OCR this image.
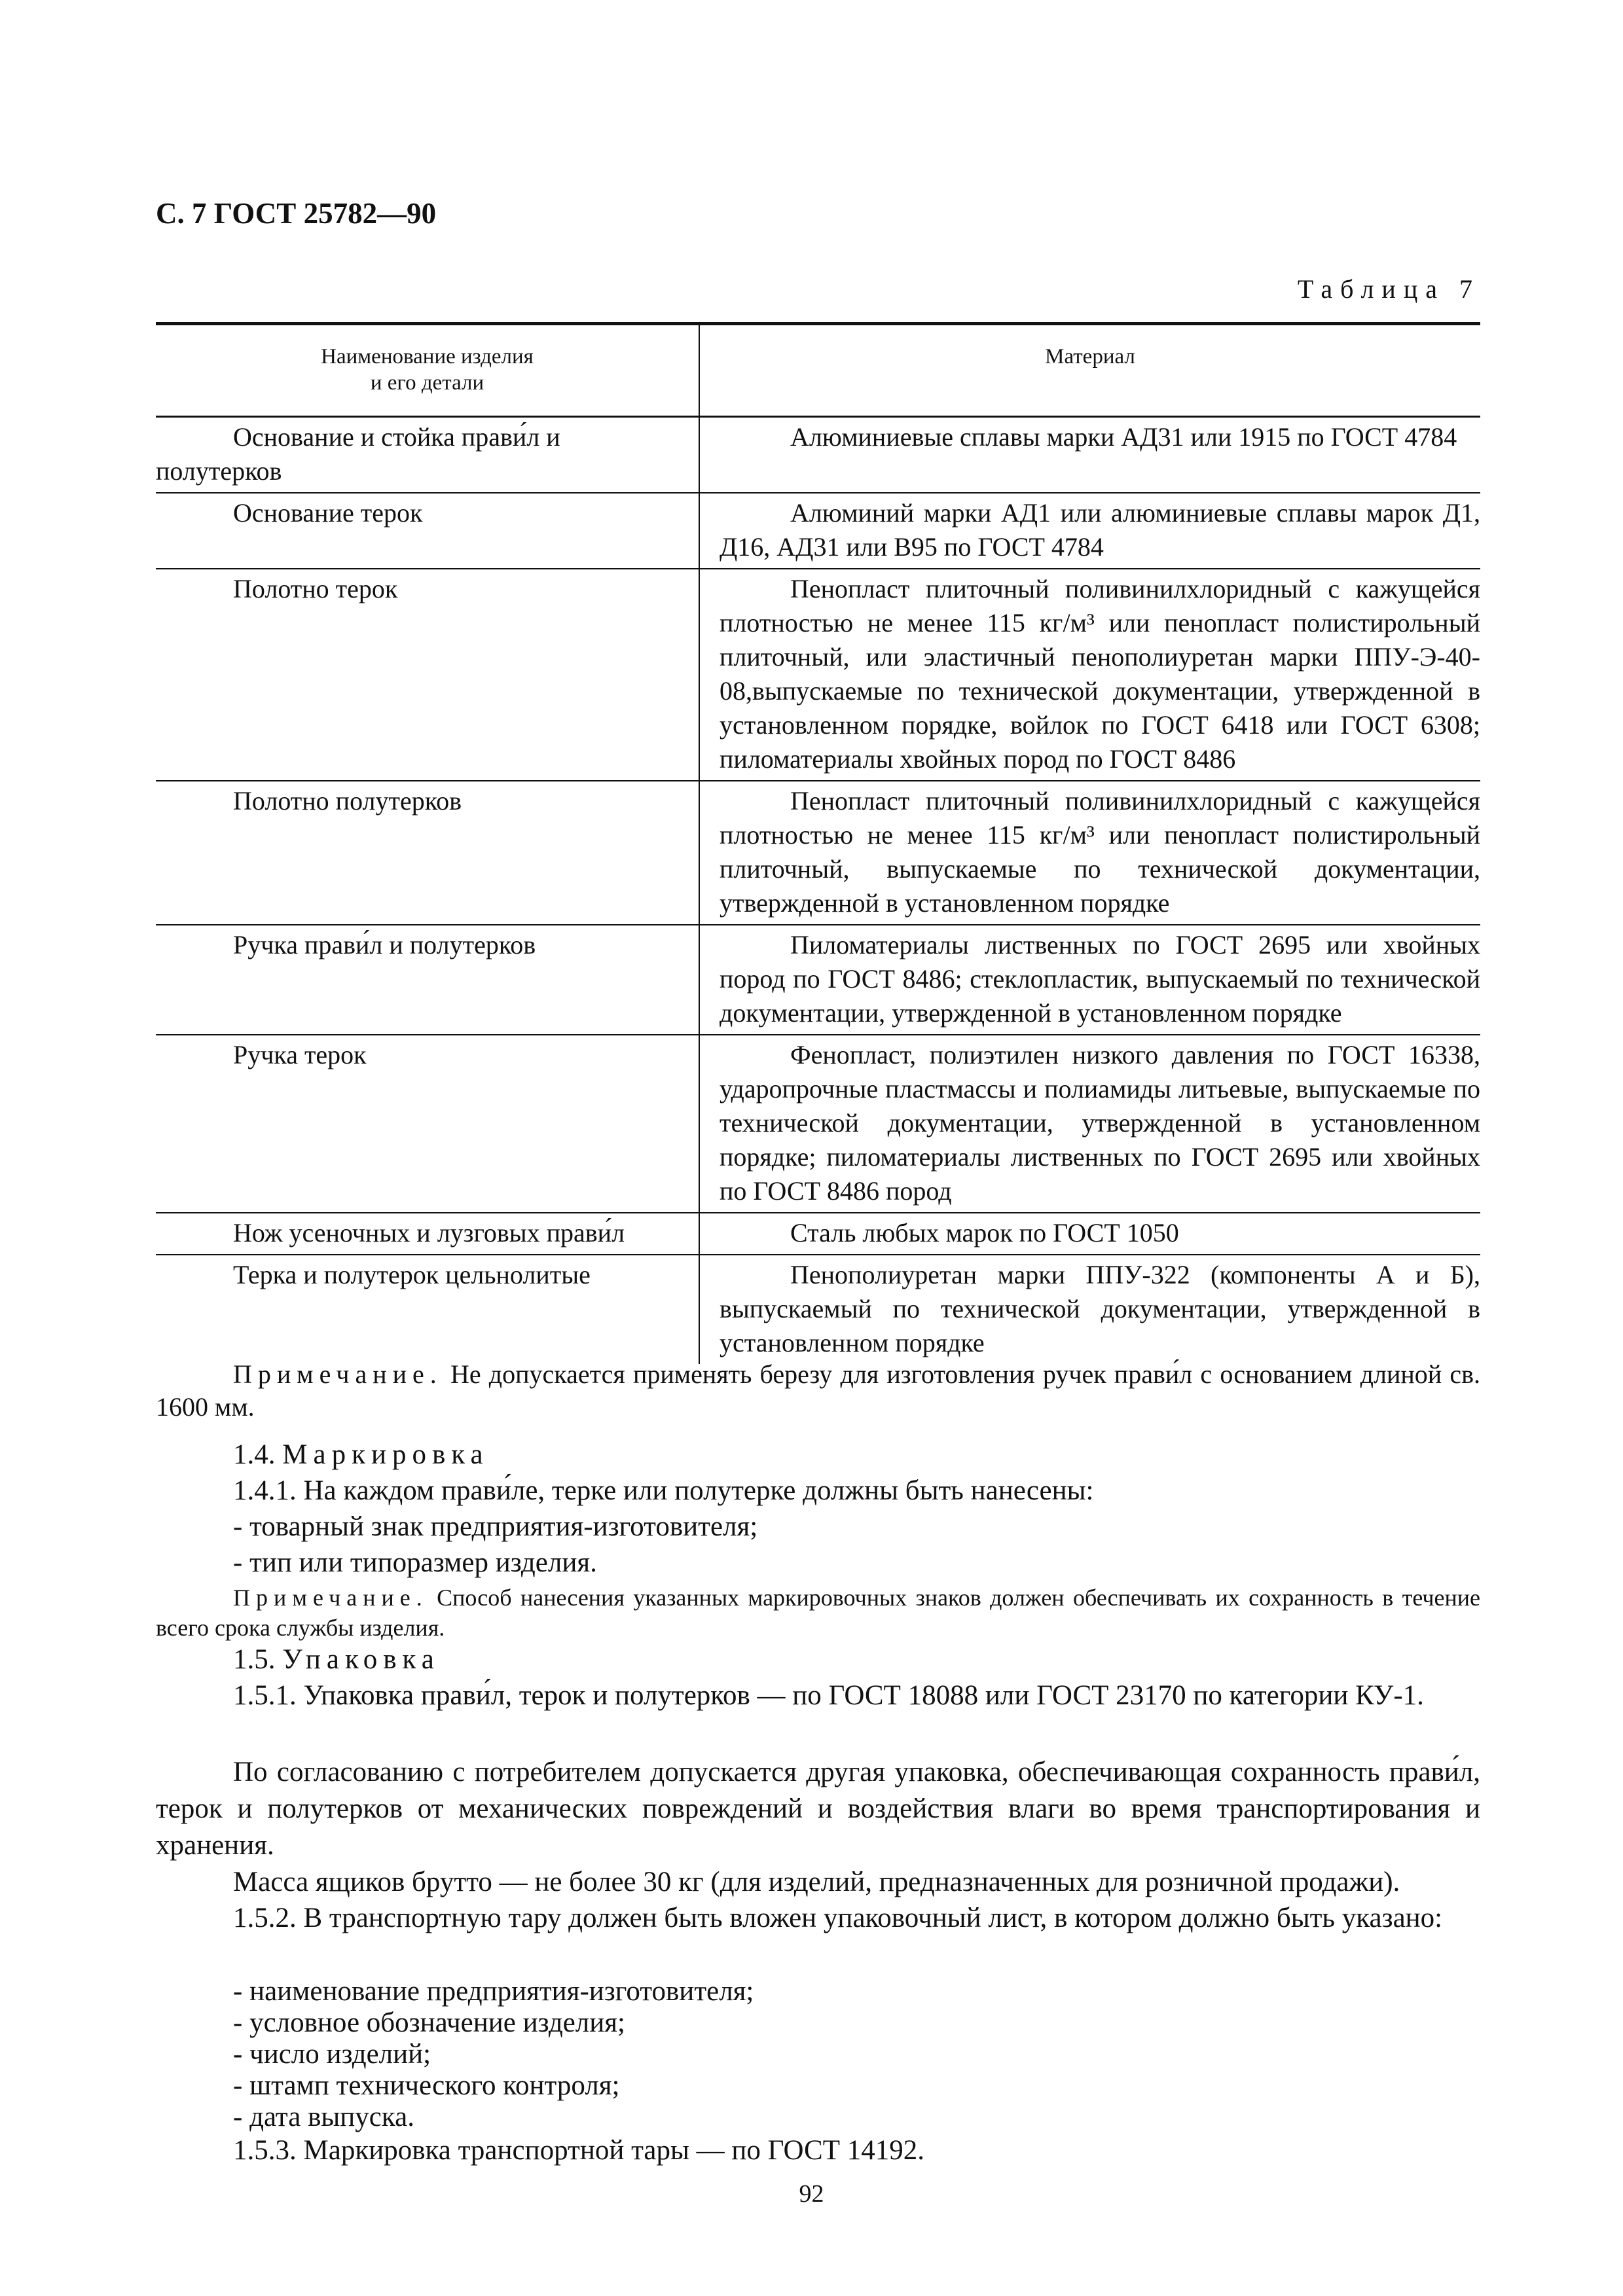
С. 7 ГОСТ 25782—90
Таблица 7
Наименование изделия
и его детали	Материал
Основание и стойка прави́л и полутерков	Алюминиевые сплавы марки АД31 или 1915 по ГОСТ 4784
Основание терок	Алюминий марки АД1 или алюминиевые сплавы марок Д1, Д16, АД31 или В95 по ГОСТ 4784
Полотно терок	Пенопласт плиточный поливинилхлоридный с кажущейся плотностью не менее 115 кг/м³ или пенопласт полистирольный плиточный, или эластичный пенополиуретан марки ППУ-Э-40-08,выпускаемые по технической документации, утвержденной в установленном порядке, войлок по ГОСТ 6418 или ГОСТ 6308; пиломатериалы хвойных пород по ГОСТ 8486
Полотно полутерков	Пенопласт плиточный поливинилхлоридный с кажущейся плотностью не менее 115 кг/м³ или пенопласт полистирольный плиточный, выпускаемые по технической документации, утвержденной в установленном порядке
Ручка прави́л и полутерков	Пиломатериалы лиственных по ГОСТ 2695 или хвойных пород по ГОСТ 8486; стеклопластик, выпускаемый по технической документации, утвержденной в установленном порядке
Ручка терок	Фенопласт, полиэтилен низкого давления по ГОСТ 16338, ударопрочные пластмассы и полиамиды литьевые, выпускаемые по технической документации, утвержденной в установленном порядке; пиломатериалы лиственных по ГОСТ 2695 или хвойных по ГОСТ 8486 пород
Нож усеночных и лузговых прави́л	Сталь любых марок по ГОСТ 1050
Терка и полутерок цельнолитые	Пенополиуретан марки ППУ-322 (компоненты А и Б), выпускаемый по технической документации, утвержденной в установленном порядке
Примечание. Не допускается применять березу для изготовления ручек прави́л с основанием длиной св. 1600 мм.
1.4. Маркировка
1.4.1. На каждом прави́ле, терке или полутерке должны быть нанесены:
- товарный знак предприятия-изготовителя;
- тип или типоразмер изделия.
Примечание. Способ нанесения указанных маркировочных знаков должен обеспечивать их сохранность в течение всего срока службы изделия.
1.5. Упаковка
1.5.1. Упаковка прави́л, терок и полутерков — по ГОСТ 18088 или ГОСТ 23170 по категории КУ-1.
По согласованию с потребителем допускается другая упаковка, обеспечивающая сохранность прави́л, терок и полутерков от механических повреждений и воздействия влаги во время транспортирования и хранения.
Масса ящиков брутто — не более 30 кг (для изделий, предназначенных для розничной продажи).
1.5.2. В транспортную тару должен быть вложен упаковочный лист, в котором должно быть указано:
- наименование предприятия-изготовителя;
- условное обозначение изделия;
- число изделий;
- штамп технического контроля;
- дата выпуска.
1.5.3. Маркировка транспортной тары — по ГОСТ 14192.
92
